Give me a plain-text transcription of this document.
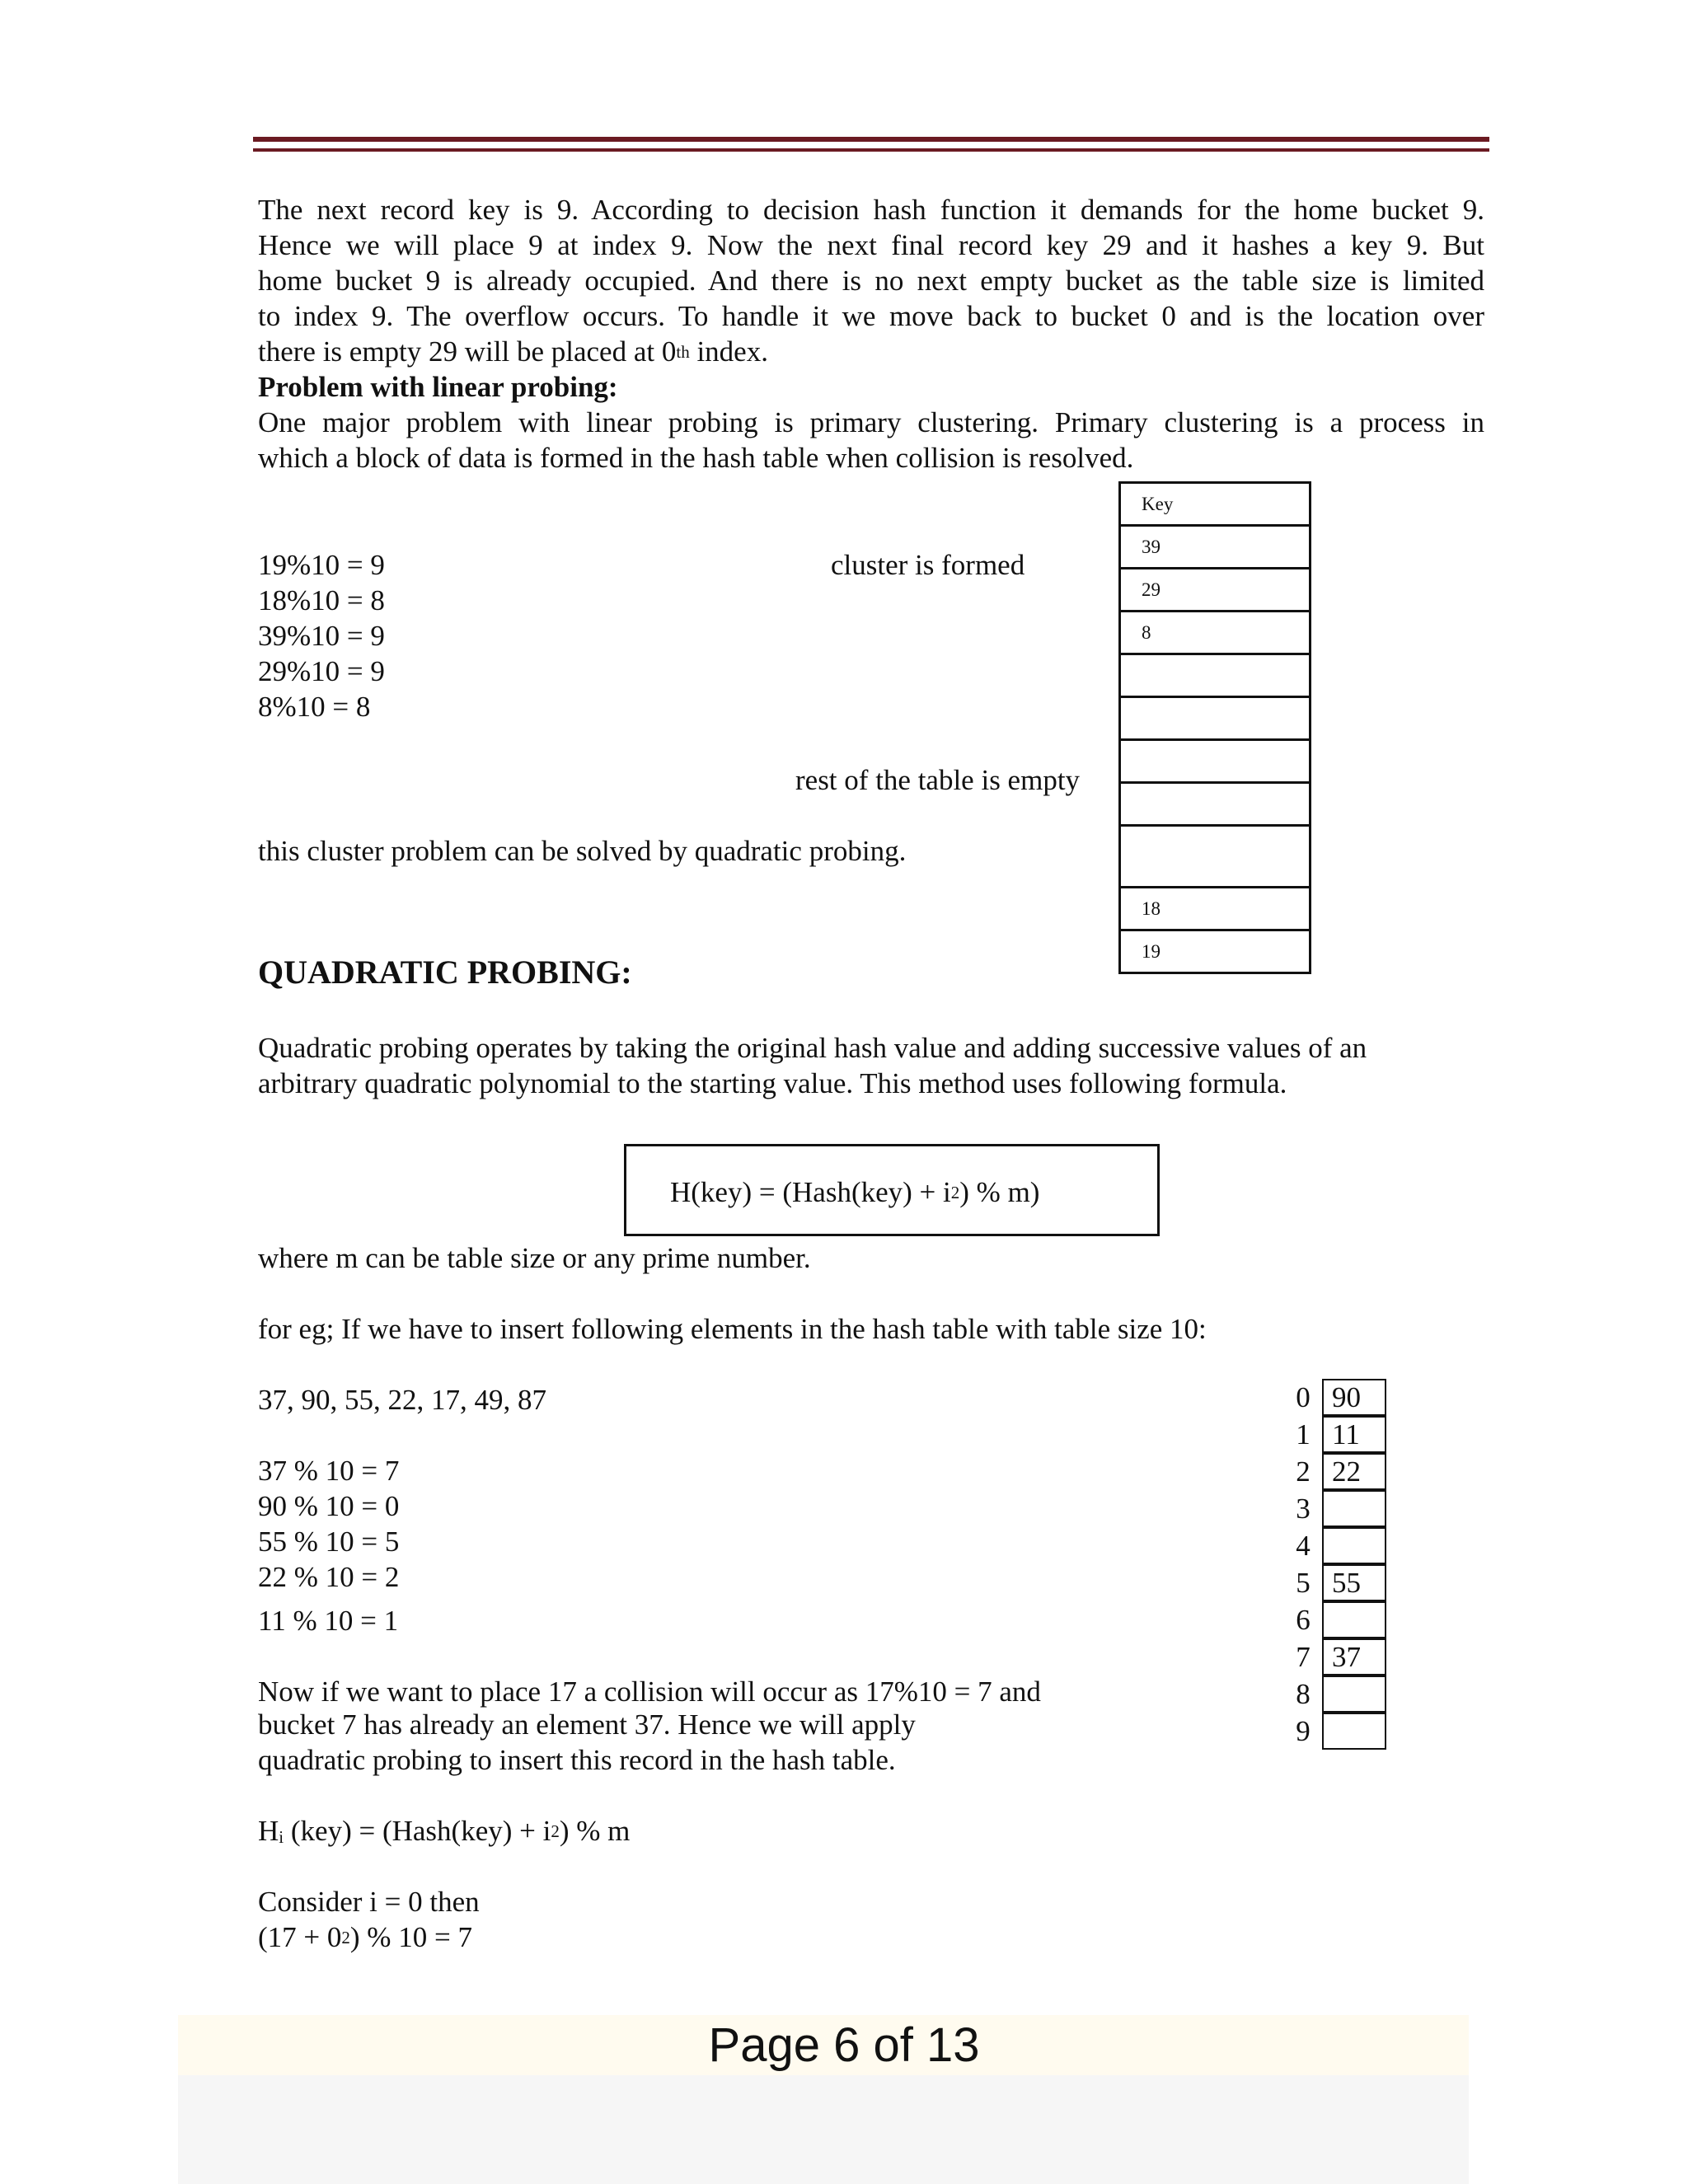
The next record key is 9. According to decision hash function it demands for the home bucket 9.
Hence we will place 9 at index 9. Now the next final record key 29 and it hashes a key 9. But
home bucket 9 is already occupied. And there is no next empty bucket as the table size is limited
to index 9. The overflow occurs. To handle it we move back to bucket 0 and is the location over
there is empty 29 will be placed at 0th index.
Problem with linear probing:
One major problem with linear probing is primary clustering. Primary clustering is a process in
which a block of data is formed in the hash table when collision is resolved.
19%10 = 9
18%10 = 8
39%10 = 9
29%10 = 9
8%10 = 8
cluster is formed
rest of the table is empty
this cluster problem can be solved by quadratic probing.
Key
39
29
8
18
19
QUADRATIC PROBING:
Quadratic probing operates by taking the original hash value and adding successive values of an
arbitrary quadratic polynomial to the starting value. This method uses following formula.
H(key) = (Hash(key) + $i^2$) % m)
where m can be table size or any prime number.
for eg; If we have to insert following elements in the hash table with table size 10:
37, 90, 55, 22, 17, 49, 87
37 % 10 = 7
90 % 10 = 0
55 % 10 = 5
22 % 10 = 2
11 % 10 = 1
Now if we want to place 17 a collision will occur as 17%10 = 7 and
bucket 7 has already an element 37. Hence we will apply
quadratic probing to insert this record in the hash table.
$H_i$ (key) = (Hash(key) + $i^2$) % m
Consider i = 0 then
$(17 + 0^2)$ % 10 = 7
0 90
1 11
2 22
3
4
5 55
6
7 37
8
9
Page 6 of 13
